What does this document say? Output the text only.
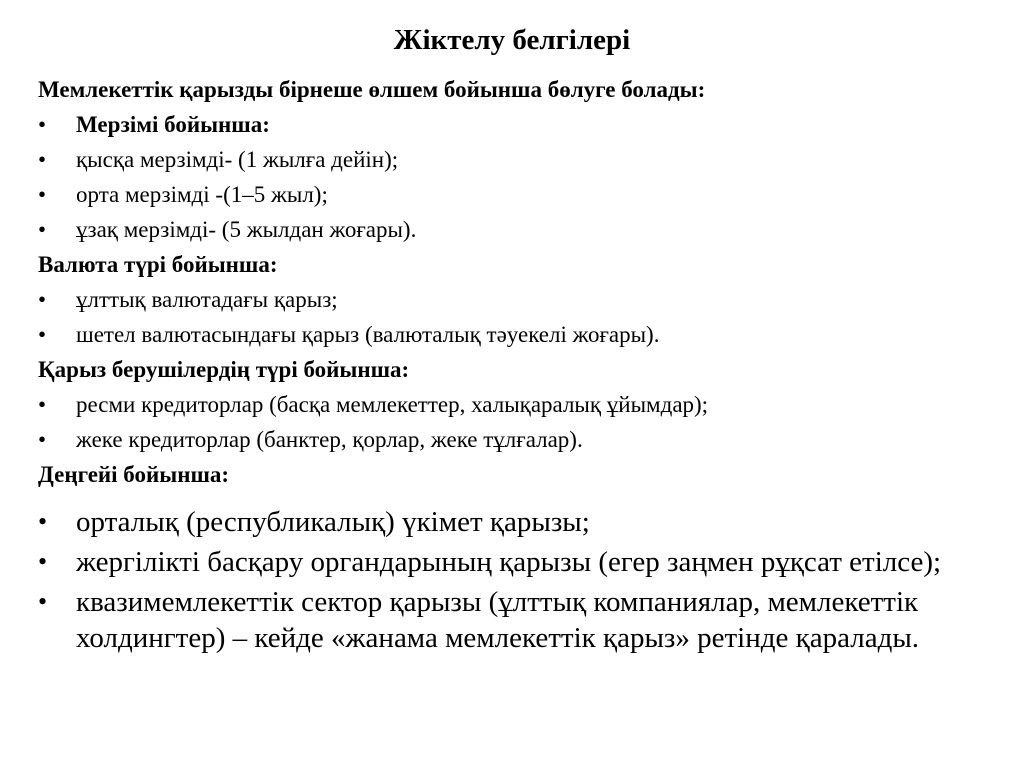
Жіктелу белгілері
Мемлекеттік қарызды бірнеше өлшем бойынша бөлуге болады:
• Мерзімі бойынша:
• қысқа мерзімді- (1 жылға дейін);
• орта мерзімді -(1–5 жыл);
• ұзақ мерзімді- (5 жылдан жоғары).
Валюта түрі бойынша:
• ұлттық валютадағы қарыз;
• шетел валютасындағы қарыз (валюталық тәуекелі жоғары).
Қарыз берушілердің түрі бойынша:
• ресми кредиторлар (басқа мемлекеттер, халықаралық ұйымдар);
• жеке кредиторлар (банктер, қорлар, жеке тұлғалар).
Деңгейі бойынша:
• орталық (республикалық) үкімет қарызы;
• жергілікті басқару органдарының қарызы (егер заңмен рұқсат етілсе);
• квазимемлекеттік сектор қарызы (ұлттық компаниялар, мемлекеттік холдингтер) – кейде «жанама мемлекеттік қарыз» ретінде қаралады.
